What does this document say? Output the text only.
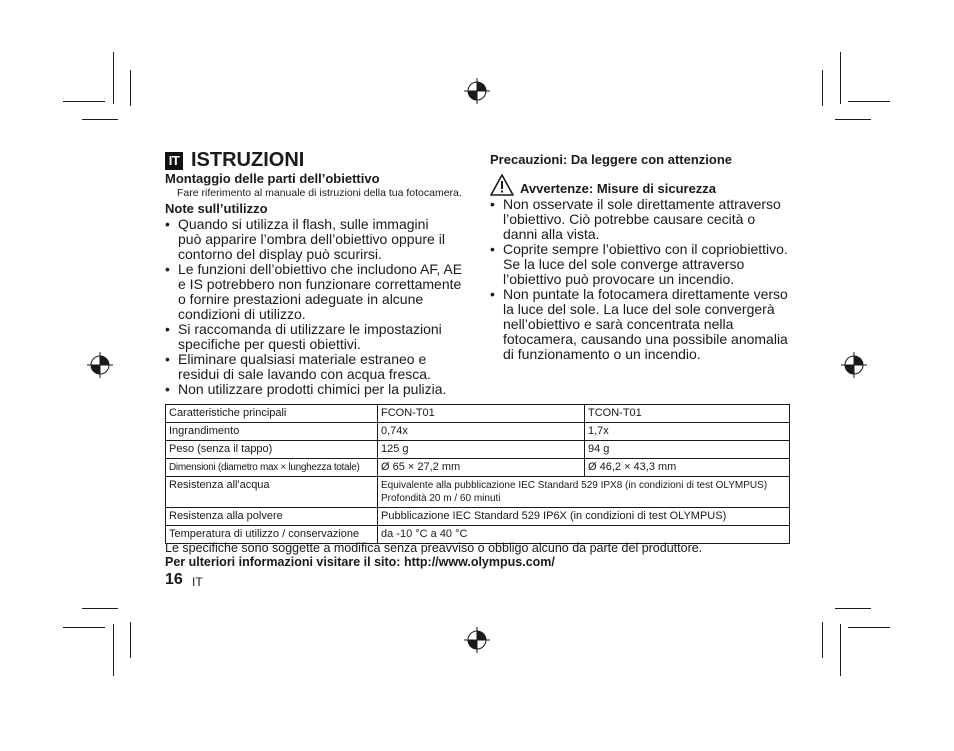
IT ISTRUZIONI
Montaggio delle parti dell’obiettivo
Fare riferimento al manuale di istruzioni della tua fotocamera.
Note sull’utilizzo
• Quando si utilizza il flash, sulle immagini
può apparire l’ombra dell’obiettivo oppure il
contorno del display può scurirsi.
• Le funzioni dell’obiettivo che includono AF, AE
e IS potrebbero non funzionare correttamente
o fornire prestazioni adeguate in alcune
condizioni di utilizzo.
• Si raccomanda di utilizzare le impostazioni
specifiche per questi obiettivi.
• Eliminare qualsiasi materiale estraneo e
residui di sale lavando con acqua fresca.
• Non utilizzare prodotti chimici per la pulizia.
Precauzioni: Da leggere con attenzione
Avvertenze: Misure di sicurezza
• Non osservate il sole direttamente attraverso
l’obiettivo. Ciò potrebbe causare cecità o
danni alla vista.
• Coprite sempre l’obiettivo con il copriobiettivo.
Se la luce del sole converge attraverso
l’obiettivo può provocare un incendio.
• Non puntate la fotocamera direttamente verso
la luce del sole. La luce del sole convergerà
nell’obiettivo e sarà concentrata nella
fotocamera, causando una possibile anomalia
di funzionamento o un incendio.
Caratteristiche principali	FCON-T01	TCON-T01
Ingrandimento	0,74x	1,7x
Peso (senza il tappo)	125 g	94 g
Dimensioni (diametro max × lunghezza totale)	Ø 65 × 27,2 mm	Ø 46,2 × 43,3 mm
Resistenza all'acqua	Equivalente alla pubblicazione IEC Standard 529 IPX8 (in condizioni di test OLYMPUS)
Profondità 20 m / 60 minuti	

Resistenza alla polvere	Pubblicazione IEC Standard 529 IP6X (in condizioni di test OLYMPUS)	
Temperatura di utilizzo / conservazione	da -10 °C a 40 °C	
Le specifiche sono soggette a modifica senza preavviso o obbligo alcuno da parte del produttore.
Per ulteriori informazioni visitare il sito: http://www.olympus.com/
16 IT
